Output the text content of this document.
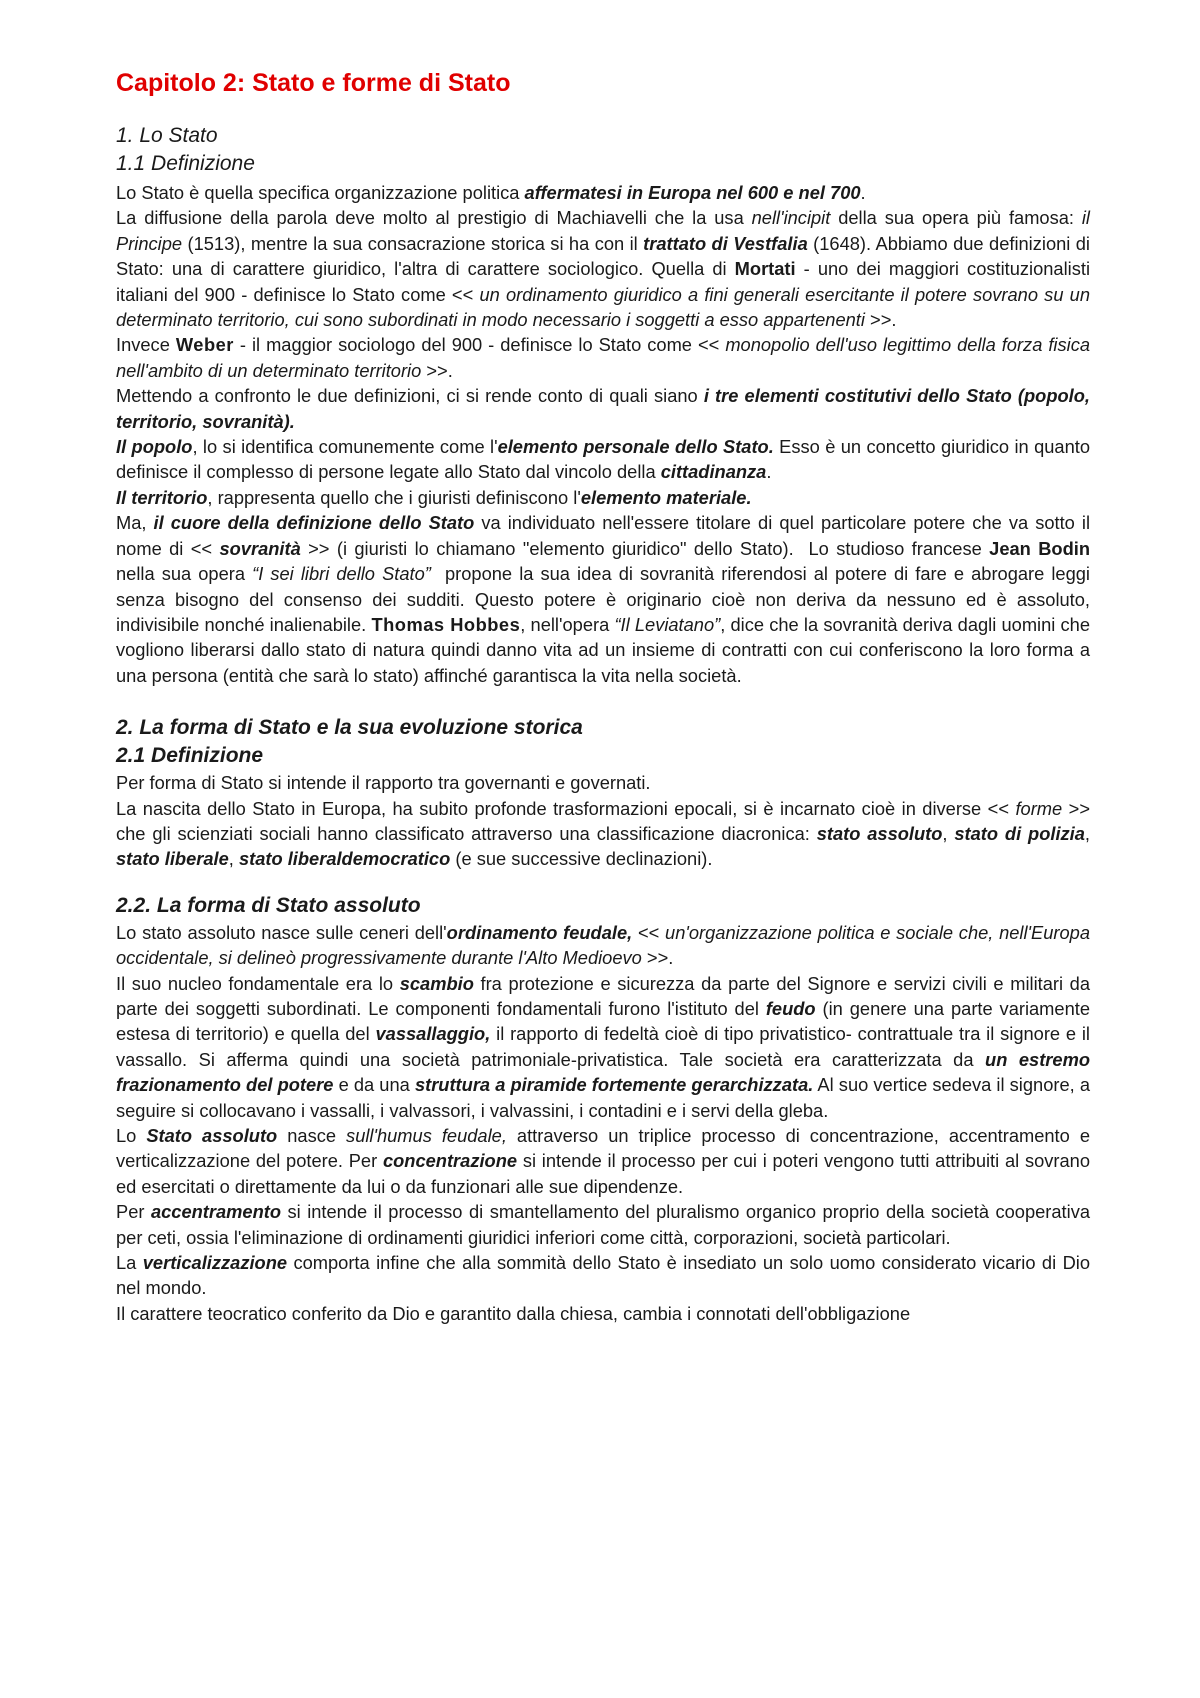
Capitolo 2: Stato e forme di Stato
1. Lo Stato
1.1 Definizione

Lo Stato è quella specifica organizzazione politica affermatesi in Europa nel 600 e nel 700.

La diffusione della parola deve molto al prestigio di Machiavelli che la usa nell'incipit della sua opera più famosa: il Principe (1513), mentre la sua consacrazione storica si ha con il trattato di Vestfalia (1648). Abbiamo due definizioni di Stato: una di carattere giuridico, l'altra di carattere sociologico. Quella di Mortati - uno dei maggiori costituzionalisti italiani del 900 - definisce lo Stato come << un ordinamento giuridico a fini generali esercitante il potere sovrano su un determinato territorio, cui sono subordinati in modo necessario i soggetti a esso appartenenti >>.

Invece Weber - il maggior sociologo del 900 - definisce lo Stato come << monopolio dell'uso legittimo della forza fisica nell'ambito di un determinato territorio >>.

Mettendo a confronto le due definizioni, ci si rende conto di quali siano i tre elementi costitutivi dello Stato (popolo, territorio, sovranità).

Il popolo, lo si identifica comunemente come l'elemento personale dello Stato. Esso è un concetto giuridico in quanto definisce il complesso di persone legate allo Stato dal vincolo della cittadinanza.

Il territorio, rappresenta quello che i giuristi definiscono l'elemento materiale.

Ma, il cuore della definizione dello Stato va individuato nell'essere titolare di quel particolare potere che va sotto il nome di << sovranità >> (i giuristi lo chiamano "elemento giuridico" dello Stato).  Lo studioso francese Jean Bodin nella sua opera “I sei libri dello Stato”  propone la sua idea di sovranità riferendosi al potere di fare e abrogare leggi senza bisogno del consenso dei sudditi. Questo potere è originario cioè non deriva da nessuno ed è assoluto, indivisibile nonché inalienabile. Thomas Hobbes, nell'opera “Il Leviatano”, dice che la sovranità deriva dagli uomini che vogliono liberarsi dallo stato di natura quindi danno vita ad un insieme di contratti con cui conferiscono la loro forma a una persona (entità che sarà lo stato) affinché garantisca la vita nella società.

2. La forma di Stato e la sua evoluzione storica
2.1 Definizione

Per forma di Stato si intende il rapporto tra governanti e governati.

La nascita dello Stato in Europa, ha subito profonde trasformazioni epocali, si è incarnato cioè in diverse << forme >> che gli scienziati sociali hanno classificato attraverso una classificazione diacronica: stato assoluto, stato di polizia, stato liberale, stato liberaldemocratico (e sue successive declinazioni).

2.2. La forma di Stato assoluto

Lo stato assoluto nasce sulle ceneri dell'ordinamento feudale, << un'organizzazione politica e sociale che, nell'Europa occidentale, si delineò progressivamente durante l'Alto Medioevo >>.

Il suo nucleo fondamentale era lo scambio fra protezione e sicurezza da parte del Signore e servizi civili e militari da parte dei soggetti subordinati. Le componenti fondamentali furono l'istituto del feudo (in genere una parte variamente estesa di territorio) e quella del vassallaggio, il rapporto di fedeltà cioè di tipo privatistico- contrattuale tra il signore e il vassallo. Si afferma quindi una società patrimoniale-privatistica. Tale società era caratterizzata da un estremo frazionamento del potere e da una struttura a piramide fortemente gerarchizzata. Al suo vertice sedeva il signore, a seguire si collocavano i vassalli, i valvassori, i valvassini, i contadini e i servi della gleba.

Lo Stato assoluto nasce sull'humus feudale, attraverso un triplice processo di concentrazione, accentramento e verticalizzazione del potere. Per concentrazione si intende il processo per cui i poteri vengono tutti attribuiti al sovrano ed esercitati o direttamente da lui o da funzionari alle sue dipendenze.

Per accentramento si intende il processo di smantellamento del pluralismo organico proprio della società cooperativa per ceti, ossia l'eliminazione di ordinamenti giuridici inferiori come città, corporazioni, società particolari.

La verticalizzazione comporta infine che alla sommità dello Stato è insediato un solo uomo considerato vicario di Dio nel mondo.

Il carattere teocratico conferito da Dio e garantito dalla chiesa, cambia i connotati dell'obbligazione
